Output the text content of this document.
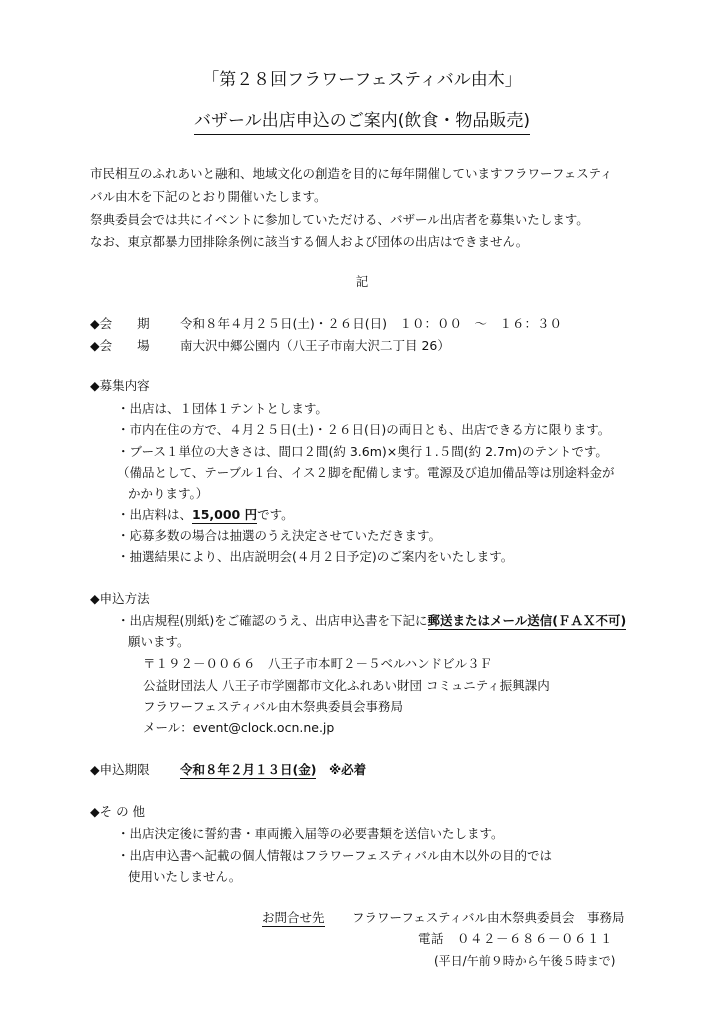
「第２８回フラワーフェスティバル由木」
バザール出店申込のご案内(飲食・物品販売)
市民相互のふれあいと融和、地域文化の創造を目的に毎年開催していますフラワーフェスティ
バル由木を下記のとおり開催いたします。
祭典委員会では共にイベントに参加していただける、バザール出店者を募集いたします。
なお、東京都暴力団排除条例に該当する個人および団体の出店はできません。
記
◆会　　期 令和８年４月２５日(土)・２６日(日)　１０：００　～　１６：３０
◆会　　場 南大沢中郷公園内（八王子市南大沢二丁目 26）
◆募集内容
・出店は、１団体１テントとします。
・市内在住の方で、４月２５日(土)・２６日(日)の両日とも、出店できる方に限ります。
・ブース１単位の大きさは、間口２間(約 3.6m)×奥行１.５間(約 2.7m)のテントです。
（備品として、テーブル１台、イス２脚を配備します。電源及び追加備品等は別途料金が
かかります。）
・出店料は、15,000 円です。
・応募多数の場合は抽選のうえ決定させていただきます。
・抽選結果により、出店説明会(４月２日予定)のご案内をいたします。
◆申込方法
・出店規程(別紙)をご確認のうえ、出店申込書を下記に郵送またはメール送信(ＦＡＸ不可)
願います。
〒１９２－００６６　八王子市本町２－５ベルハンドビル３Ｆ
公益財団法人 八王子市学園都市文化ふれあい財団 コミュニティ振興課内
フラワーフェスティバル由木祭典委員会事務局
メール：event@clock.ocn.ne.jp
◆申込期限 令和８年２月１３日(金)　 ※必着
◆そ の 他
・出店決定後に誓約書・車両搬入届等の必要書類を送信いたします。
・出店申込書へ記載の個人情報はフラワーフェスティバル由木以外の目的では
使用いたしません。
お問合せ先 フラワーフェスティバル由木祭典委員会　事務局
電話　０４２－６８６－０６１１
(平日/午前９時から午後５時まで)
